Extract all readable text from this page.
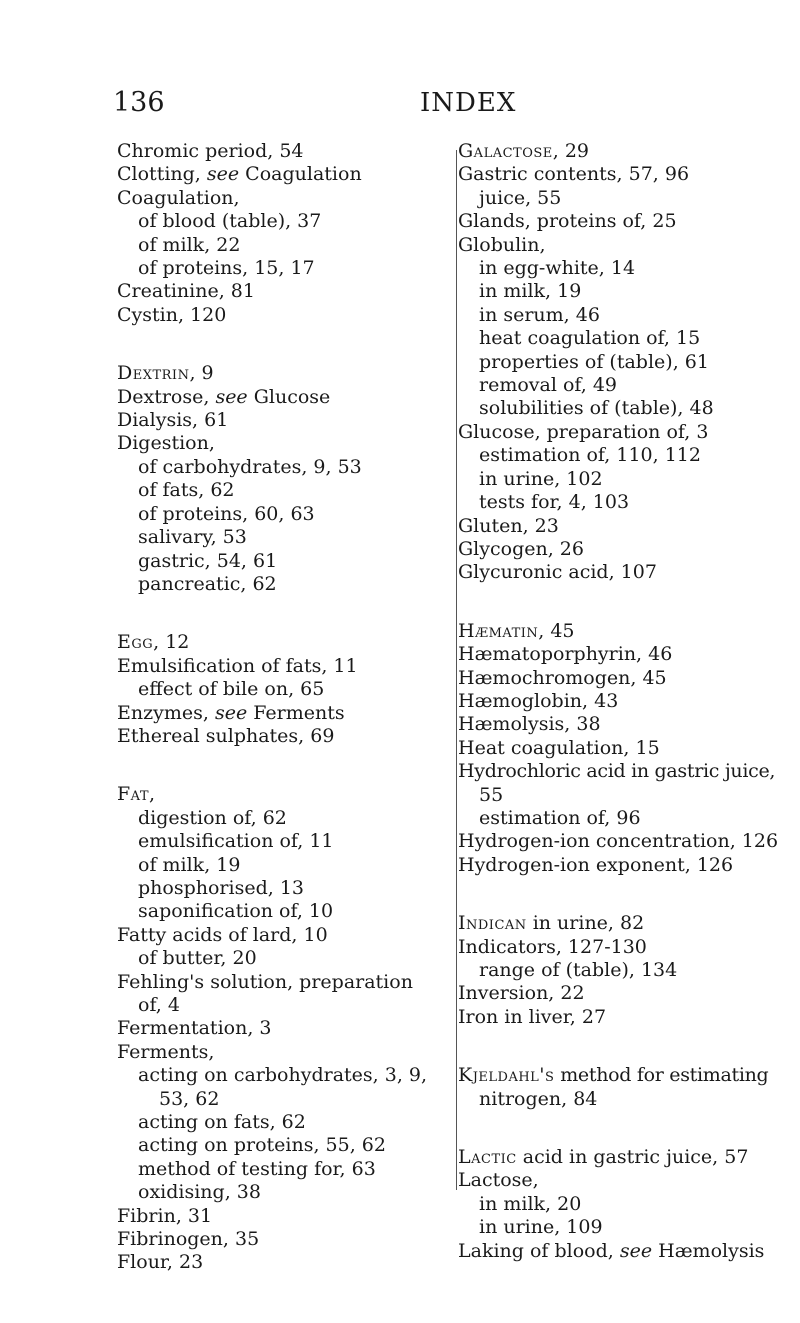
136	INDEX
Chromic period, 54
Clotting, see Coagulation
Coagulation,
of blood (table), 37
of milk, 22
of proteins, 15, 17
Creatinine, 81
Cystin, 120
Dextrin, 9
Dextrose, see Glucose
Dialysis, 61
Digestion,
of carbohydrates, 9, 53
of fats, 62
of proteins, 60, 63
salivary, 53
gastric, 54, 61
pancreatic, 62
Egg, 12
Emulsification of fats, 11
effect of bile on, 65
Enzymes, see Ferments
Ethereal sulphates, 69
Fat,
digestion of, 62
emulsification of, 11
of milk, 19
phosphorised, 13
saponification of, 10
Fatty acids of lard, 10
of butter, 20
Fehling's solution, preparation
of, 4
Fermentation, 3
Ferments,
acting on carbohydrates, 3, 9,
53, 62
acting on fats, 62
acting on proteins, 55, 62
method of testing for, 63
oxidising, 38
Fibrin, 31
Fibrinogen, 35
Flour, 23
Galactose, 29
Gastric contents, 57, 96
juice, 55
Glands, proteins of, 25
Globulin,
in egg-white, 14
in milk, 19
in serum, 46
heat coagulation of, 15
properties of (table), 61
removal of, 49
solubilities of (table), 48
Glucose, preparation of, 3
estimation of, 110, 112
in urine, 102
tests for, 4, 103
Gluten, 23
Glycogen, 26
Glycuronic acid, 107
Hæmatin, 45
Hæmatoporphyrin, 46
Hæmochromogen, 45
Hæmoglobin, 43
Hæmolysis, 38
Heat coagulation, 15
Hydrochloric acid in gastric juice,
55
estimation of, 96
Hydrogen-ion concentration, 126
Hydrogen-ion exponent, 126
Indican in urine, 82
Indicators, 127-130
range of (table), 134
Inversion, 22
Iron in liver, 27
Kjeldahl's method for estimating
nitrogen, 84
Lactic acid in gastric juice, 57
Lactose,
in milk, 20
in urine, 109
Laking of blood, see Hæmolysis
